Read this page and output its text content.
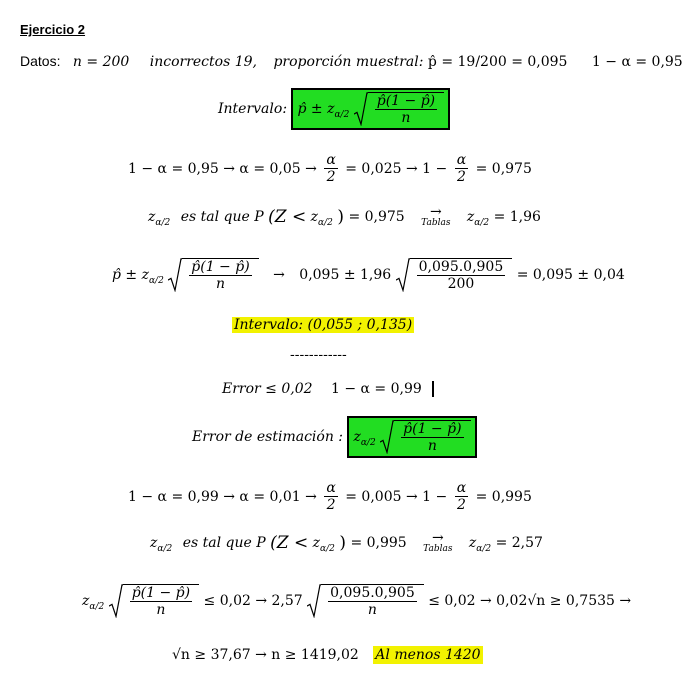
Ejercicio 2
Datos: n = 200 incorrectos 19, proporción muestral: p̂ = 19/200 = 0,095 1 − α = 0,95
Intervalo: p̂ ± $z_{\alpha/2} \frac{p̂(1 - p̂)}{n}$
$1 - \alpha = 0,95 \to \alpha = 0,05 \to \frac{\alpha}{2} = 0,025 \to 1 - \frac{\alpha}{2} = 0,975$
$z_{\alpha/2}$ es tal que P ($Z < z_{\alpha/2}$ ) = 0,975	→
Tablas $z_{\alpha/2} = 1,96$
p̂ ± $z_{\alpha/2} \frac{p̂(1 - p̂)}{n} \to 0,095 \pm 1,96 \frac{0,095.0,905}{200} = 0,095 \pm 0,04$
Intervalo: (0,055 ; 0,135)
------------
Error ≤ 0,02 1 − α = 0,99
Error de estimación : $z_{\alpha/2} \frac{p̂(1 - p̂)}{n}$
$1 - \alpha = 0,99 \to \alpha = 0,01 \to \frac{\alpha}{2} = 0,005 \to 1 - \frac{\alpha}{2} = 0,995$
$z_{\alpha/2}$ es tal que P ($Z < z_{\alpha/2}$ ) = 0,995	→
Tablas $z_{\alpha/2} = 2,57$
$z_{\alpha/2} \frac{p̂(1 - p̂)}{n} \le 0,02 \to 2,57 \frac{0,095.0,905}{n} \le 0,02 \to 0,02√n \ge 0,7535$ →
√n ≥ 37,67 → n ≥ 1419,02 Al menos 1420
